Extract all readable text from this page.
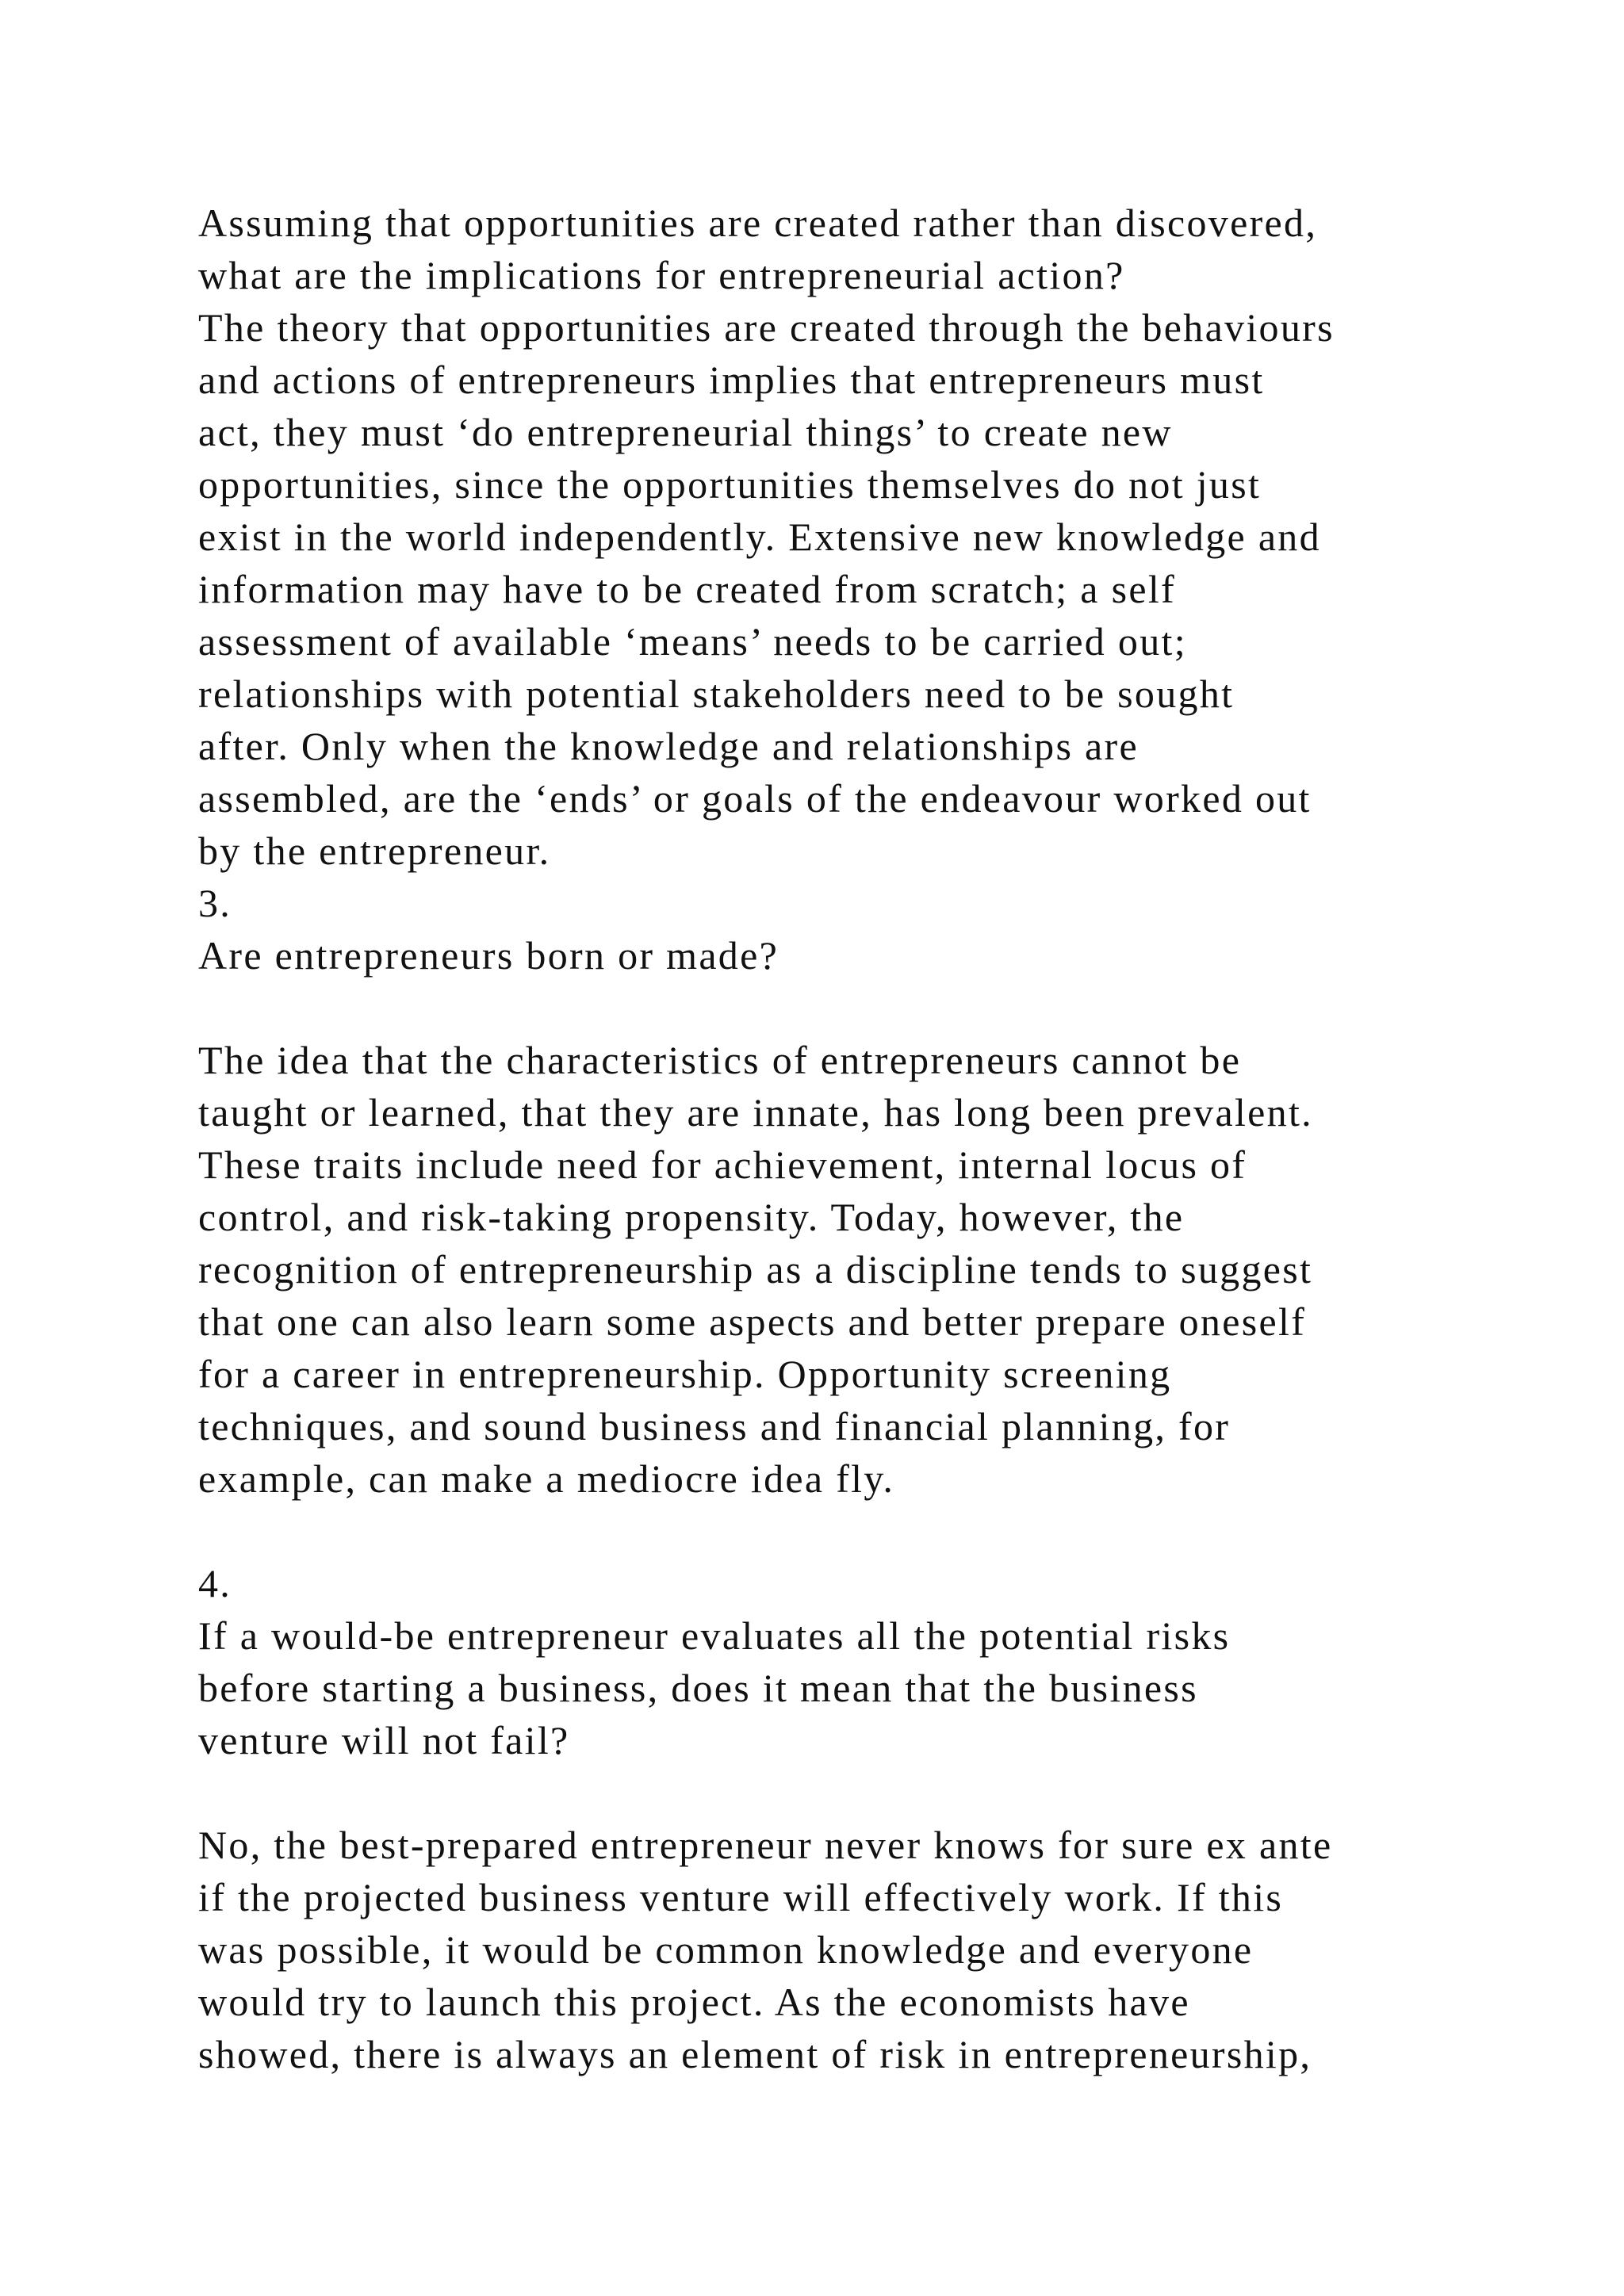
Assuming that opportunities are created rather than discovered,
what are the implications for entrepreneurial action?
The theory that opportunities are created through the behaviours
and actions of entrepreneurs implies that entrepreneurs must
act, they must ‘do entrepreneurial things’ to create new
opportunities, since the opportunities themselves do not just
exist in the world independently. Extensive new knowledge and
information may have to be created from scratch; a self
assessment of available ‘means’ needs to be carried out;
relationships with potential stakeholders need to be sought
after. Only when the knowledge and relationships are
assembled, are the ‘ends’ or goals of the endeavour worked out
by the entrepreneur.
3.
Are entrepreneurs born or made?
The idea that the characteristics of entrepreneurs cannot be
taught or learned, that they are innate, has long been prevalent.
These traits include need for achievement, internal locus of
control, and risk-taking propensity. Today, however, the
recognition of entrepreneurship as a discipline tends to suggest
that one can also learn some aspects and better prepare oneself
for a career in entrepreneurship. Opportunity screening
techniques, and sound business and financial planning, for
example, can make a mediocre idea fly.
4.
If a would-be entrepreneur evaluates all the potential risks
before starting a business, does it mean that the business
venture will not fail?
No, the best-prepared entrepreneur never knows for sure ex ante
if the projected business venture will effectively work. If this
was possible, it would be common knowledge and everyone
would try to launch this project. As the economists have
showed, there is always an element of risk in entrepreneurship,
